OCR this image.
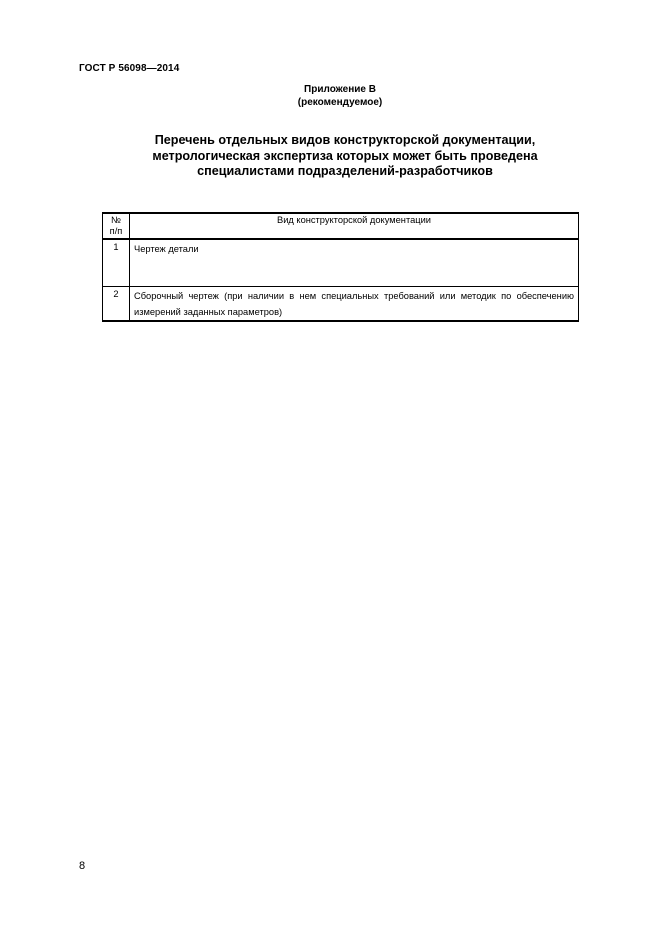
ГОСТ Р 56098—2014
Приложение В
(рекомендуемое)
Перечень отдельных видов конструкторской документации,
метрологическая экспертиза которых может быть проведена
специалистами подразделений-разработчиков
№
п/п	Вид конструкторской документации
1	Чертеж детали
2	Сборочный чертеж (при наличии в нем специальных требований или методик по обеспечению измерений заданных параметров)
8
